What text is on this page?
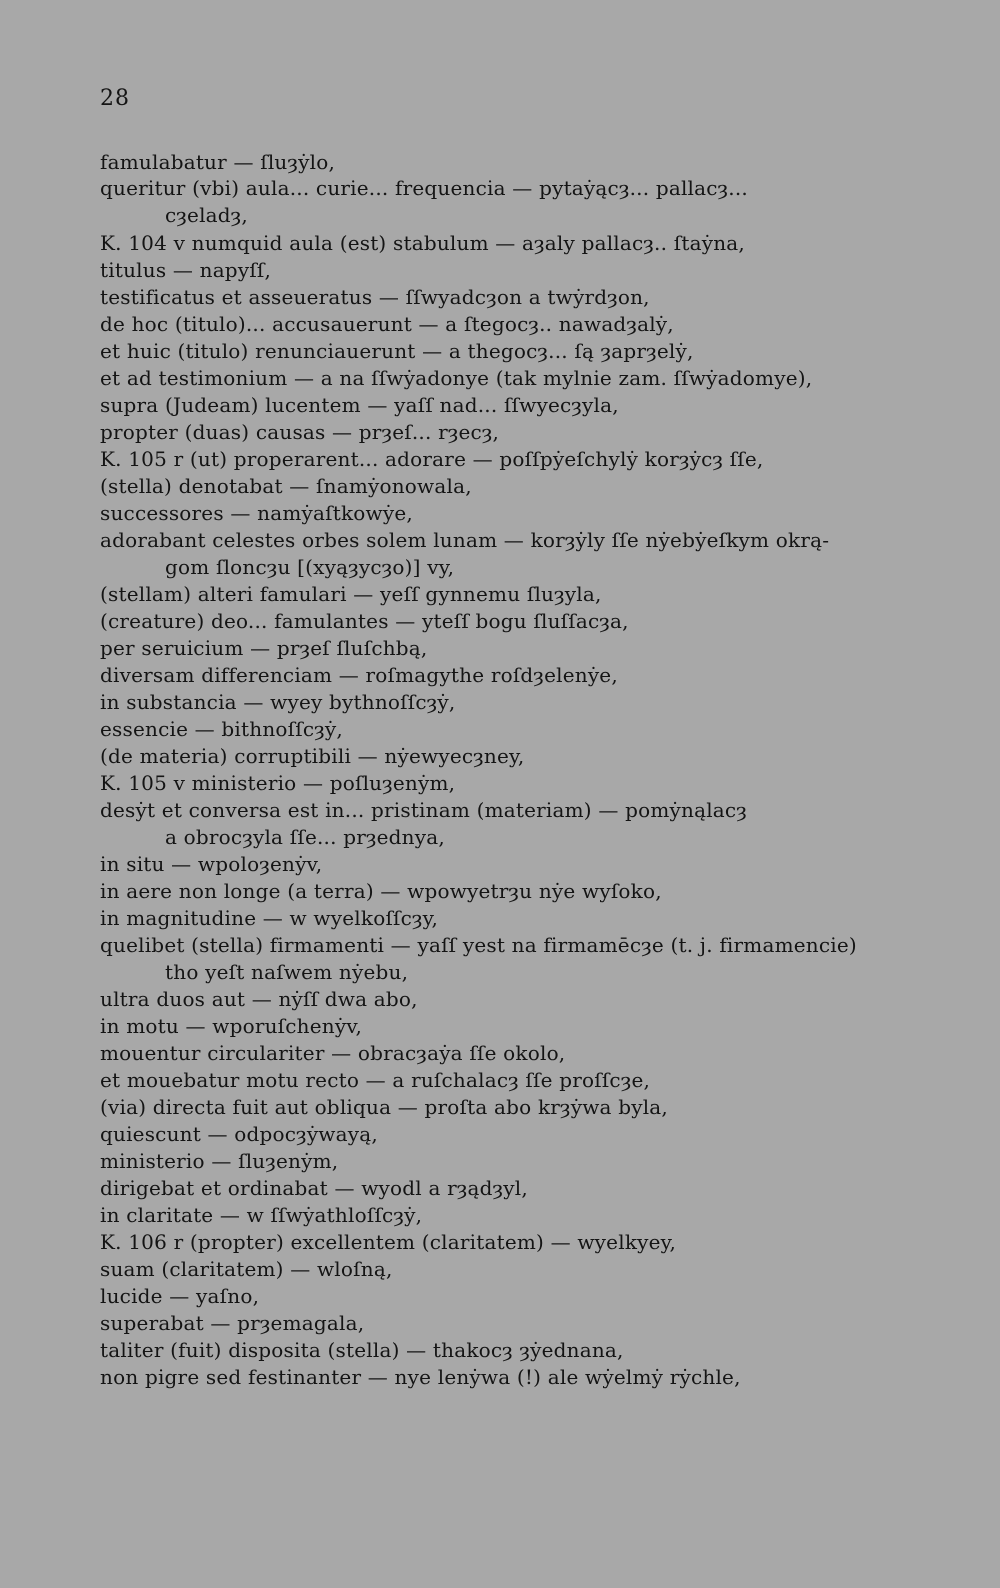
28
famulabatur — ſluȝẏlo,
queritur (vbi) aula... curie... frequencia — pytaẏącȝ... pallacȝ...
cȝeladȝ,
K. 104 v numquid aula (est) stabulum — aȝaly pallacȝ.. ſtaẏna,
titulus — napyſſ,
testificatus et asseueratus — ſſwyadcȝon a twẏrdȝon,
de hoc (titulo)... accusauerunt — a ſtegocȝ.. nawadȝalẏ,
et huic (titulo) renunciauerunt — a thegocȝ... ſą ȝaprȝelẏ,
et ad testimonium — a na ſſwẏadonye (tak mylnie zam. ſſwẏadomye),
supra (Judeam) lucentem — yaſſ nad... ſſwyecȝyla,
propter (duas) causas — prȝeſ... rȝecȝ,
K. 105 r (ut) properarent... adorare — poſſpẏeſchylẏ korȝẏcȝ ſſe,
(stella) denotabat — ſnamẏonowala,
successores — namẏaſtkowẏe,
adorabant celestes orbes solem lunam — korȝẏly ſſe nẏebẏeſkym okrą-
gom ſloncȝu [(xyąȝycȝo)] vy,
(stellam) alteri famulari — yeſſ gynnemu ſluȝyla,
(creature) deo... famulantes — yteſſ bogu ſluſſacȝa,
per seruicium — prȝeſ ſluſchbą,
diversam differenciam — roſmagythe roſdȝelenẏe,
in substancia — wyey bythnoſſcȝẏ,
essencie — bithnoſſcȝẏ,
(de materia) corruptibili — nẏewyecȝney,
K. 105 v ministerio — poſluȝenẏm,
desẏt et conversa est in... pristinam (materiam) — pomẏnąlacȝ
a obrocȝyla ſſe... prȝednya,
in situ — wpoloȝenẏv,
in aere non longe (a terra) — wpowyetrȝu nẏe wyſoko,
in magnitudine — w wyelkoſſcȝy,
quelibet (stella) firmamenti — yaſſ yest na firmamēcȝe (t. j. firmamencie)
tho yeſt naſwem nẏebu,
ultra duos aut — nẏſſ dwa abo,
in motu — wporuſchenẏv,
mouentur circulariter — obracȝaẏa ſſe okolo,
et mouebatur motu recto — a ruſchalacȝ ſſe proſſcȝe,
(via) directa fuit aut obliqua — proſta abo krȝẏwa byla,
quiescunt — odpocȝẏwayą,
ministerio — ſluȝenẏm,
dirigebat et ordinabat — wyodl a rȝądȝyl,
in claritate — w ſſwẏathloſſcȝẏ,
K. 106 r (propter) excellentem (claritatem) — wyelkyey,
suam (claritatem) — wloſną,
lucide — yaſno,
superabat — prȝemagala,
taliter (fuit) disposita (stella) — thakocȝ ȝẏednana,
non pigre sed festinanter — nye lenẏwa (!) ale wẏelmẏ rẏchle,
